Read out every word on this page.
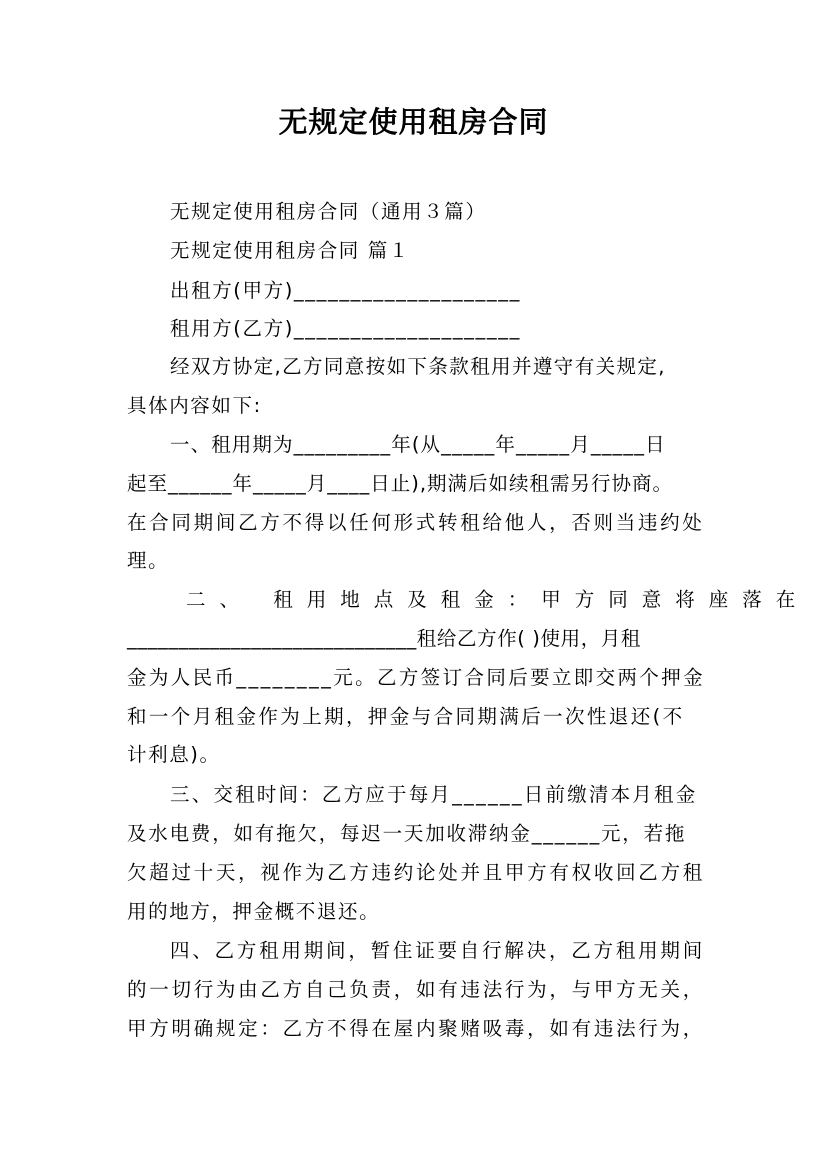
无规定使用租房合同
无规定使用租房合同（通用３篇）
无规定使用租房合同 篇１
出租方(甲方)____________________
租用方(乙方)____________________
经双方协定,乙方同意按如下条款租用并遵守有关规定,
具体内容如下:
一、租用期为_________年(从_____年_____月_____日
起至______年_____月____日止),期满后如续租需另行协商。
在合同期间乙方不得以任何形式转租给他人，否则当违约处
理。
二、 租用地点及租金：甲方同意将座落在
____________________________租给乙方作( )使用，月租
金为人民币________元。乙方签订合同后要立即交两个押金
和一个月租金作为上期，押金与合同期满后一次性退还(不
计利息)。
三、交租时间：乙方应于每月______日前缴清本月租金
及水电费，如有拖欠，每迟一天加收滞纳金______元，若拖
欠超过十天，视作为乙方违约论处并且甲方有权收回乙方租
用的地方，押金概不退还。
四、乙方租用期间，暂住证要自行解决，乙方租用期间
的一切行为由乙方自己负责，如有违法行为，与甲方无关，
甲方明确规定：乙方不得在屋内聚赌吸毒，如有违法行为，
